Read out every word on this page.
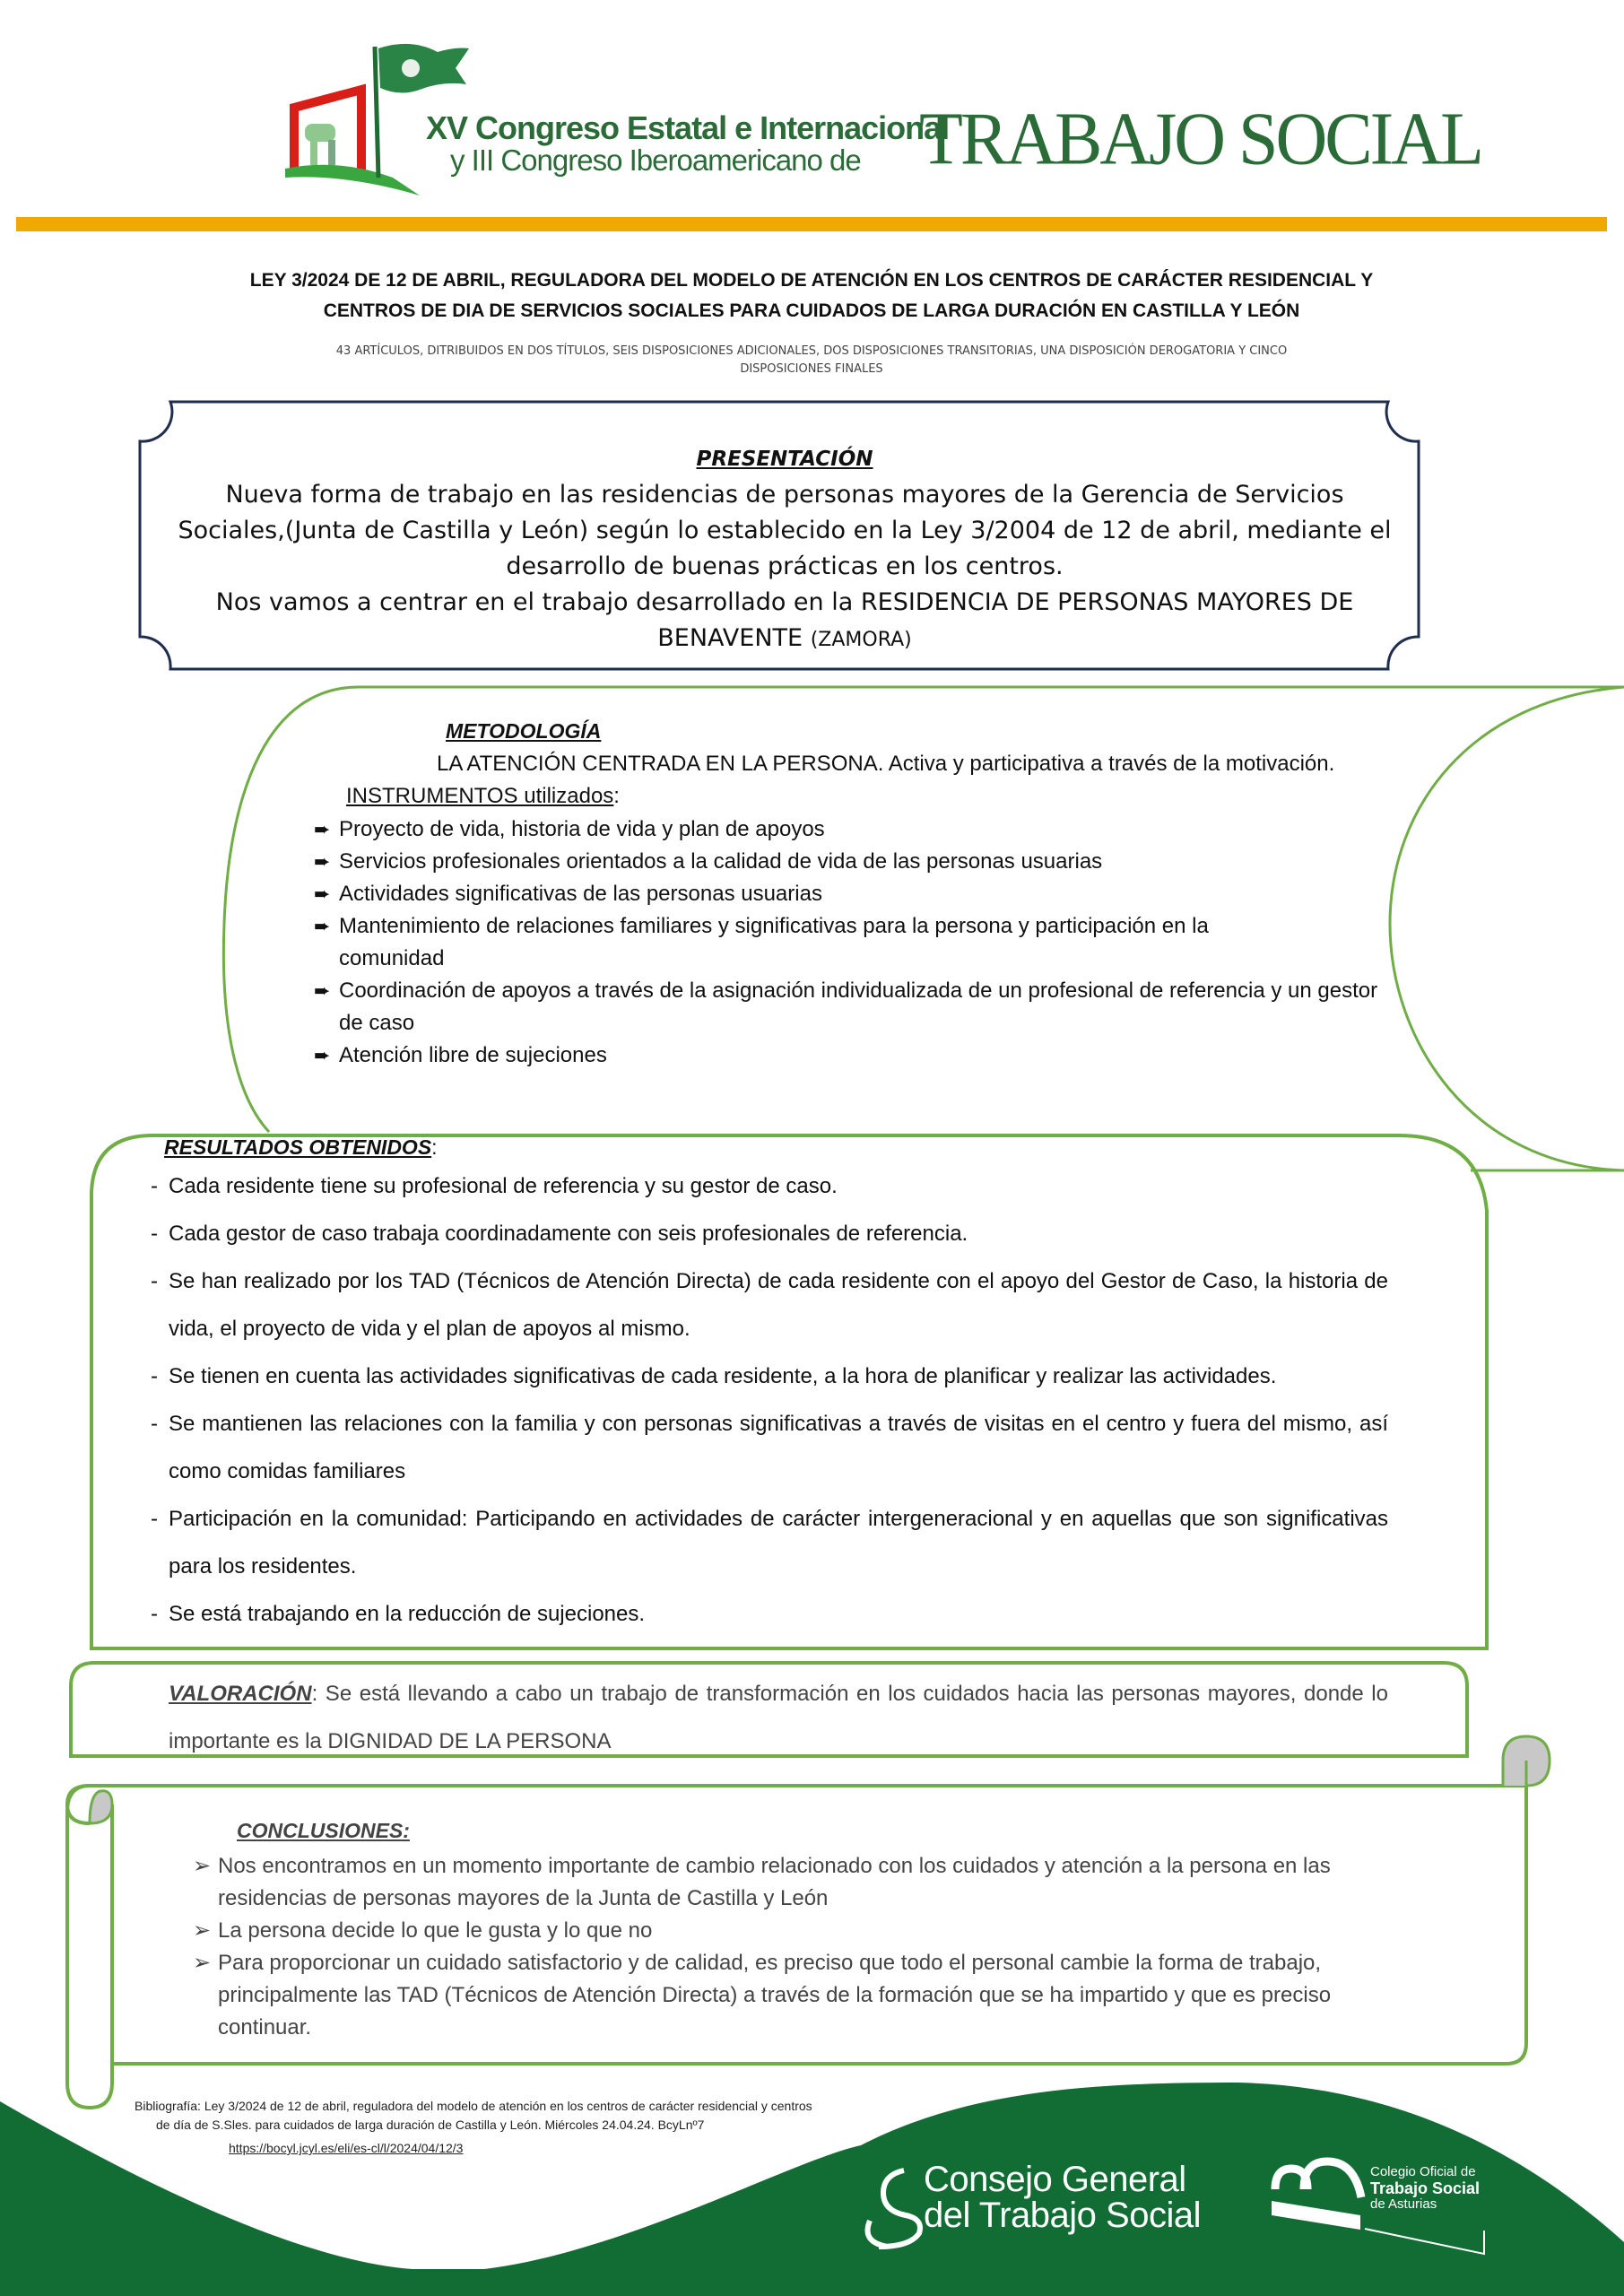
XV Congreso Estatal e Internacional
y III Congreso Iberoamericano de TRABAJO SOCIAL
LEY 3/2024 DE 12 DE ABRIL, REGULADORA DEL MODELO DE ATENCIÓN EN LOS CENTROS DE CARÁCTER RESIDENCIAL Y
CENTROS DE DIA DE SERVICIOS SOCIALES PARA CUIDADOS DE LARGA DURACIÓN EN CASTILLA Y LEÓN
43 ARTÍCULOS, DITRIBUIDOS EN DOS TÍTULOS, SEIS DISPOSICIONES ADICIONALES, DOS DISPOSICIONES TRANSITORIAS, UNA DISPOSICIÓN DEROGATORIA Y CINCO
DISPOSICIONES FINALES
PRESENTACIÓN
Nueva forma de trabajo en las residencias de personas mayores de la Gerencia de Servicios Sociales,(Junta de Castilla y León) según lo establecido en la Ley 3/2004 de 12 de abril, mediante el desarrollo de buenas prácticas en los centros.
Nos vamos a centrar en el trabajo desarrollado en la RESIDENCIA DE PERSONAS MAYORES DE BENAVENTE (ZAMORA)
METODOLOGÍA
LA ATENCIÓN CENTRADA EN LA PERSONA. Activa y participativa a través de la motivación.
INSTRUMENTOS utilizados:
➨ Proyecto de vida, historia de vida y plan de apoyos
➨ Servicios profesionales orientados a la calidad de vida de las personas usuarias
➨ Actividades significativas de las personas usuarias
➨ Mantenimiento de relaciones familiares y significativas para la persona y participación en la comunidad
➨ Coordinación de apoyos a través de la asignación individualizada de un profesional de referencia y un gestor de caso
➨ Atención libre de sujeciones
RESULTADOS OBTENIDOS:
- Cada residente tiene su profesional de referencia y su gestor de caso.
- Cada gestor de caso trabaja coordinadamente con seis profesionales de referencia.
- Se han realizado por los TAD (Técnicos de Atención Directa) de cada residente con el apoyo del Gestor de Caso, la historia de vida, el proyecto de vida y el plan de apoyos al mismo.
- Se tienen en cuenta las actividades significativas de cada residente, a la hora de planificar y realizar las actividades.
- Se mantienen las relaciones con la familia y con personas significativas a través de visitas en el centro y fuera del mismo, así como comidas familiares
- Participación en la comunidad: Participando en actividades de carácter intergeneracional y en aquellas que son significativas para los residentes.
- Se está trabajando en la reducción de sujeciones.
VALORACIÓN: Se está llevando a cabo un trabajo de transformación en los cuidados hacia las personas mayores, donde lo importante es la DIGNIDAD DE LA PERSONA
CONCLUSIONES:
➢ Nos encontramos en un momento importante de cambio relacionado con los cuidados y atención a la persona en las residencias de personas mayores de la Junta de Castilla y León
➢ La persona decide lo que le gusta y lo que no
➢ Para proporcionar un cuidado satisfactorio y de calidad, es preciso que todo el personal cambie la forma de trabajo, principalmente las TAD (Técnicos de Atención Directa) a través de la formación que se ha impartido y que es preciso continuar.
Bibliografía: Ley 3/2024 de 12 de abril, reguladora del modelo de atención en los centros de carácter residencial y centros
de día de S.Sles. para cuidados de larga duración de Castilla y León. Miércoles 24.04.24. BcyLnº7
https://bocyl.jcyl.es/eli/es-cl/l/2024/04/12/3
Consejo General
del Trabajo Social
Colegio Oficial de
Trabajo Social
de Asturias
